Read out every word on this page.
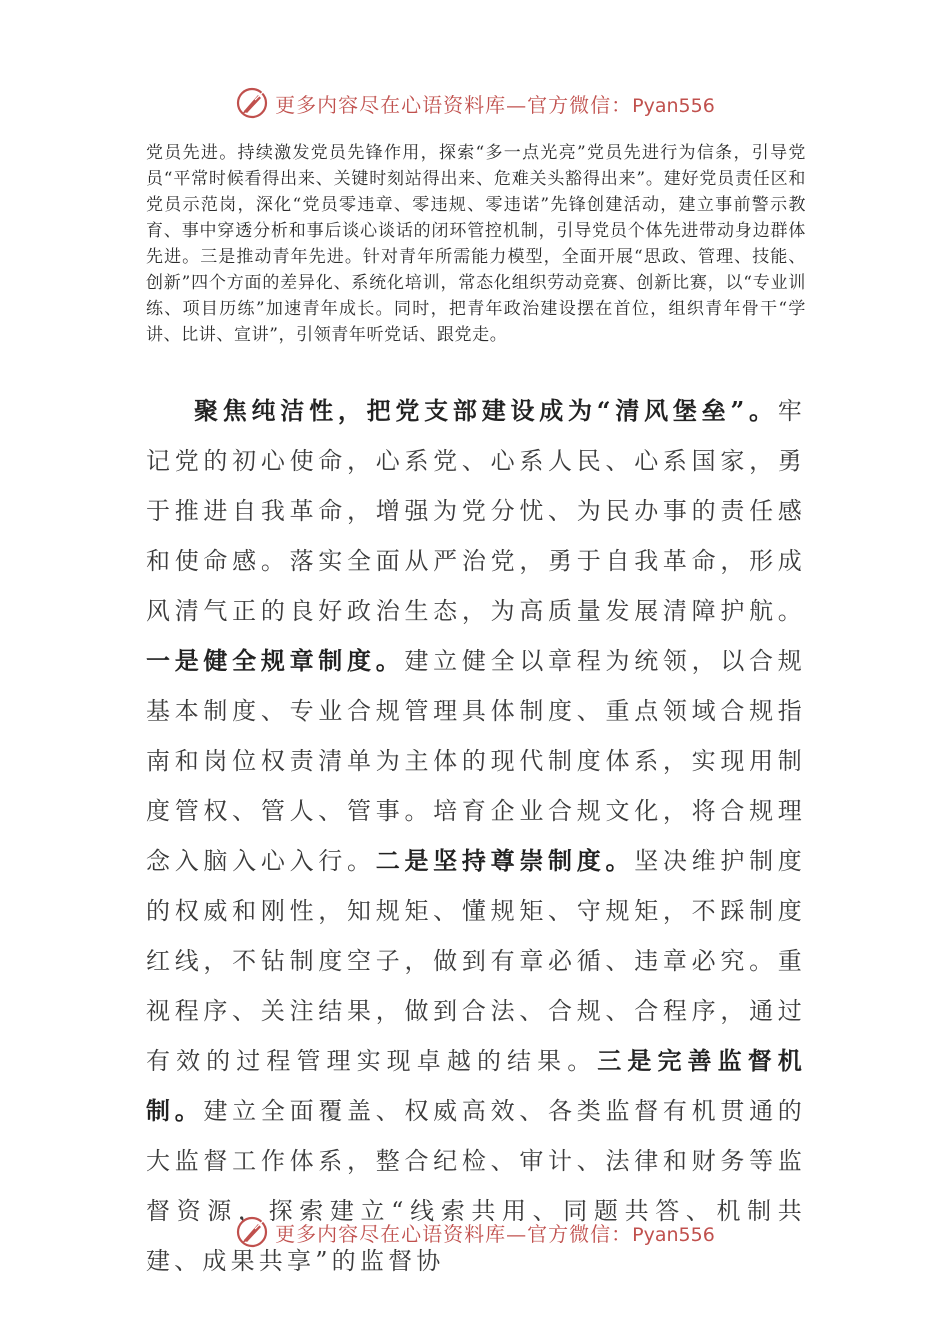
更多内容尽在心语资料库—官方微信：Pyan556

党员先进。持续激发党员先锋作用，探索“多一点光亮”党员先进行为信条，引导党员“平常时候看得出来、关键时刻站得出来、危难关头豁得出来”。建好党员责任区和党员示范岗，深化“党员零违章、零违规、零违诺”先锋创建活动，建立事前警示教育、事中穿透分析和事后谈心谈话的闭环管控机制，引导党员个体先进带动身边群体先进。三是推动青年先进。针对青年所需能力模型，全面开展“思政、管理、技能、创新”四个方面的差异化、系统化培训，常态化组织劳动竞赛、创新比赛，以“专业训练、项目历练”加速青年成长。同时，把青年政治建设摆在首位，组织青年骨干“学讲、比讲、宣讲”，引领青年听党话、跟党走。

聚焦纯洁性，把党支部建设成为“清风堡垒”。牢记党的初心使命，心系党、心系人民、心系国家，勇于推进自我革命，增强为党分忧、为民办事的责任感和使命感。落实全面从严治党，勇于自我革命，形成风清气正的良好政治生态，为高质量发展清障护航。一是健全规章制度。建立健全以章程为统领，以合规基本制度、专业合规管理具体制度、重点领域合规指南和岗位权责清单为主体的现代制度体系，实现用制度管权、管人、管事。培育企业合规文化，将合规理念入脑入心入行。二是坚持尊崇制度。坚决维护制度的权威和刚性，知规矩、懂规矩、守规矩，不踩制度红线，不钻制度空子，做到有章必循、违章必究。重视程序、关注结果，做到合法、合规、合程序，通过有效的过程管理实现卓越的结果。三是完善监督机制。建立全面覆盖、权威高效、各类监督有机贯通的大监督工作体系，整合纪检、审计、法律和财务等监督资源，探索建立“线索共用、同题共答、机制共建、成果共享”的监督协

更多内容尽在心语资料库—官方微信：Pyan556
